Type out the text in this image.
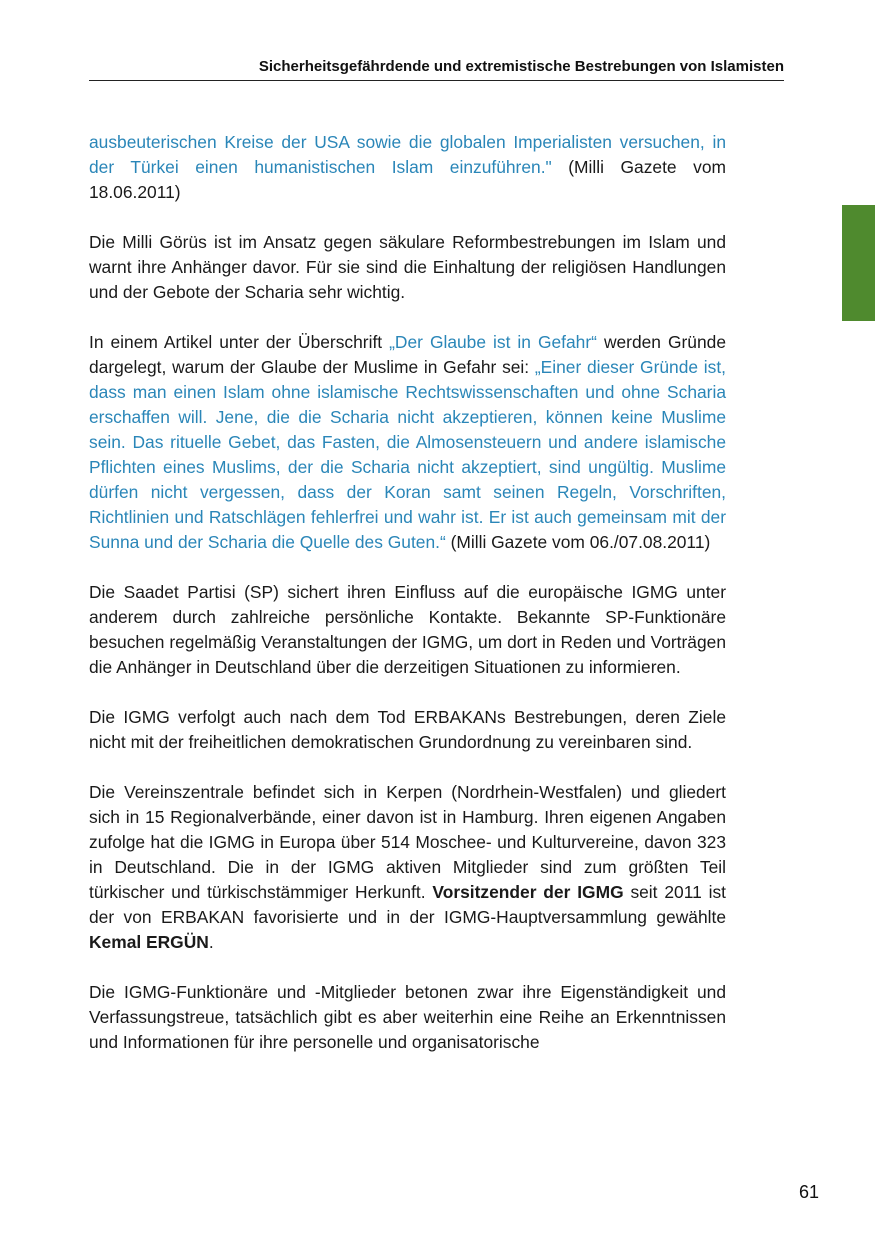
Sicherheitsgefährdende und extremistische Bestrebungen von Islamisten

ausbeuterischen Kreise der USA sowie die globalen Imperialisten versuchen, in der Türkei einen humanistischen Islam einzuführen." (Milli Gazete vom 18.06.2011)

Die Milli Görüs ist im Ansatz gegen säkulare Reformbestrebungen im Islam und warnt ihre Anhänger davor. Für sie sind die Einhaltung der religiösen Handlungen und der Gebote der Scharia sehr wichtig.

In einem Artikel unter der Überschrift „Der Glaube ist in Gefahr“ werden Gründe dargelegt, warum der Glaube der Muslime in Gefahr sei: „Einer dieser Gründe ist, dass man einen Islam ohne islamische Rechtswissenschaften und ohne Scharia erschaffen will. Jene, die die Scharia nicht akzeptieren, können keine Muslime sein. Das rituelle Gebet, das Fasten, die Almosensteuern und andere islamische Pflichten eines Muslims, der die Scharia nicht akzeptiert, sind ungültig. Muslime dürfen nicht vergessen, dass der Koran samt seinen Regeln, Vorschriften, Richtlinien und Ratschlägen fehlerfrei und wahr ist. Er ist auch gemeinsam mit der Sunna und der Scharia die Quelle des Guten.“ (Milli Gazete vom 06./07.08.2011)

Die Saadet Partisi (SP) sichert ihren Einfluss auf die europäische IGMG unter anderem durch zahlreiche persönliche Kontakte. Bekannte SP-Funktionäre besuchen regelmäßig Veranstaltungen der IGMG, um dort in Reden und Vorträgen die Anhänger in Deutschland über die derzeitigen Situationen zu informieren.

Die IGMG verfolgt auch nach dem Tod ERBAKANs Bestrebungen, deren Ziele nicht mit der freiheitlichen demokratischen Grundordnung zu vereinbaren sind.

Die Vereinszentrale befindet sich in Kerpen (Nordrhein-Westfalen) und gliedert sich in 15 Regionalverbände, einer davon ist in Hamburg. Ihren eigenen Angaben zufolge hat die IGMG in Europa über 514 Moschee- und Kulturvereine, davon 323 in Deutschland. Die in der IGMG aktiven Mitglieder sind zum größten Teil türkischer und türkischstämmiger Herkunft. Vorsitzender der IGMG seit 2011 ist der von ERBAKAN favorisierte und in der IGMG-Hauptversammlung gewählte Kemal ERGÜN.

Die IGMG-Funktionäre und -Mitglieder betonen zwar ihre Eigenständigkeit und Verfassungstreue, tatsächlich gibt es aber weiterhin eine Reihe an Erkenntnissen und Informationen für ihre personelle und organisatorische

61
